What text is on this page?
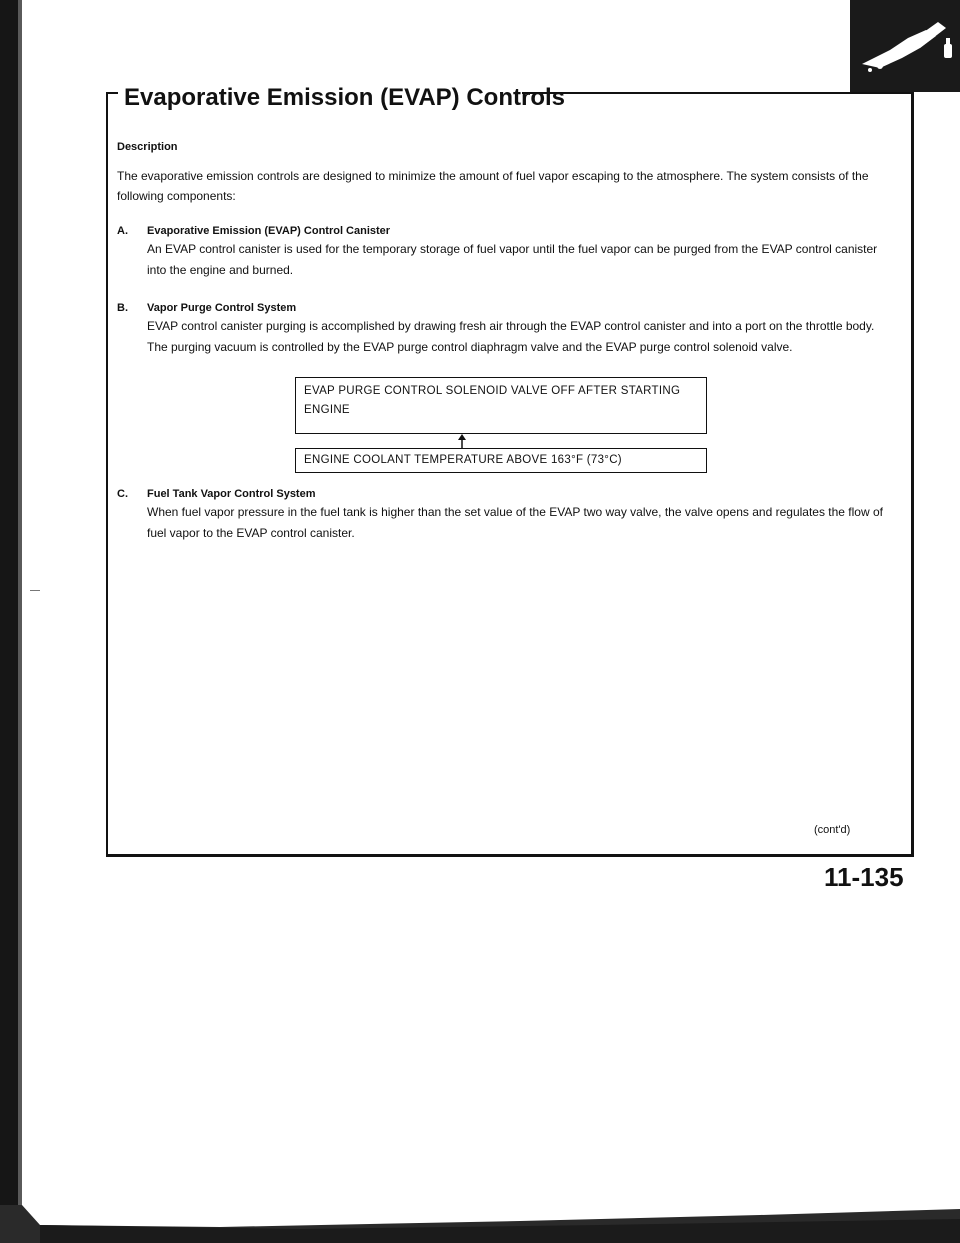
Evaporative Emission (EVAP) Controls
Description

The evaporative emission controls are designed to minimize the amount of fuel vapor escaping to the atmosphere. The system consists of the following components:

A. Evaporative Emission (EVAP) Control Canister

An EVAP control canister is used for the temporary storage of fuel vapor until the fuel vapor can be purged from the EVAP control canister into the engine and burned.

B. Vapor Purge Control System

EVAP control canister purging is accomplished by drawing fresh air through the EVAP control canister and into a port on the throttle body. The purging vacuum is controlled by the EVAP purge control diaphragm valve and the EVAP purge control solenoid valve.

EVAP PURGE CONTROL SOLENOID VALVE OFF AFTER STARTING ENGINE
ENGINE COOLANT TEMPERATURE ABOVE 163°F (73°C)
C. Fuel Tank Vapor Control System

When fuel vapor pressure in the fuel tank is higher than the set value of the EVAP two way valve, the valve opens and regulates the flow of fuel vapor to the EVAP control canister.

(cont'd)
11-135
